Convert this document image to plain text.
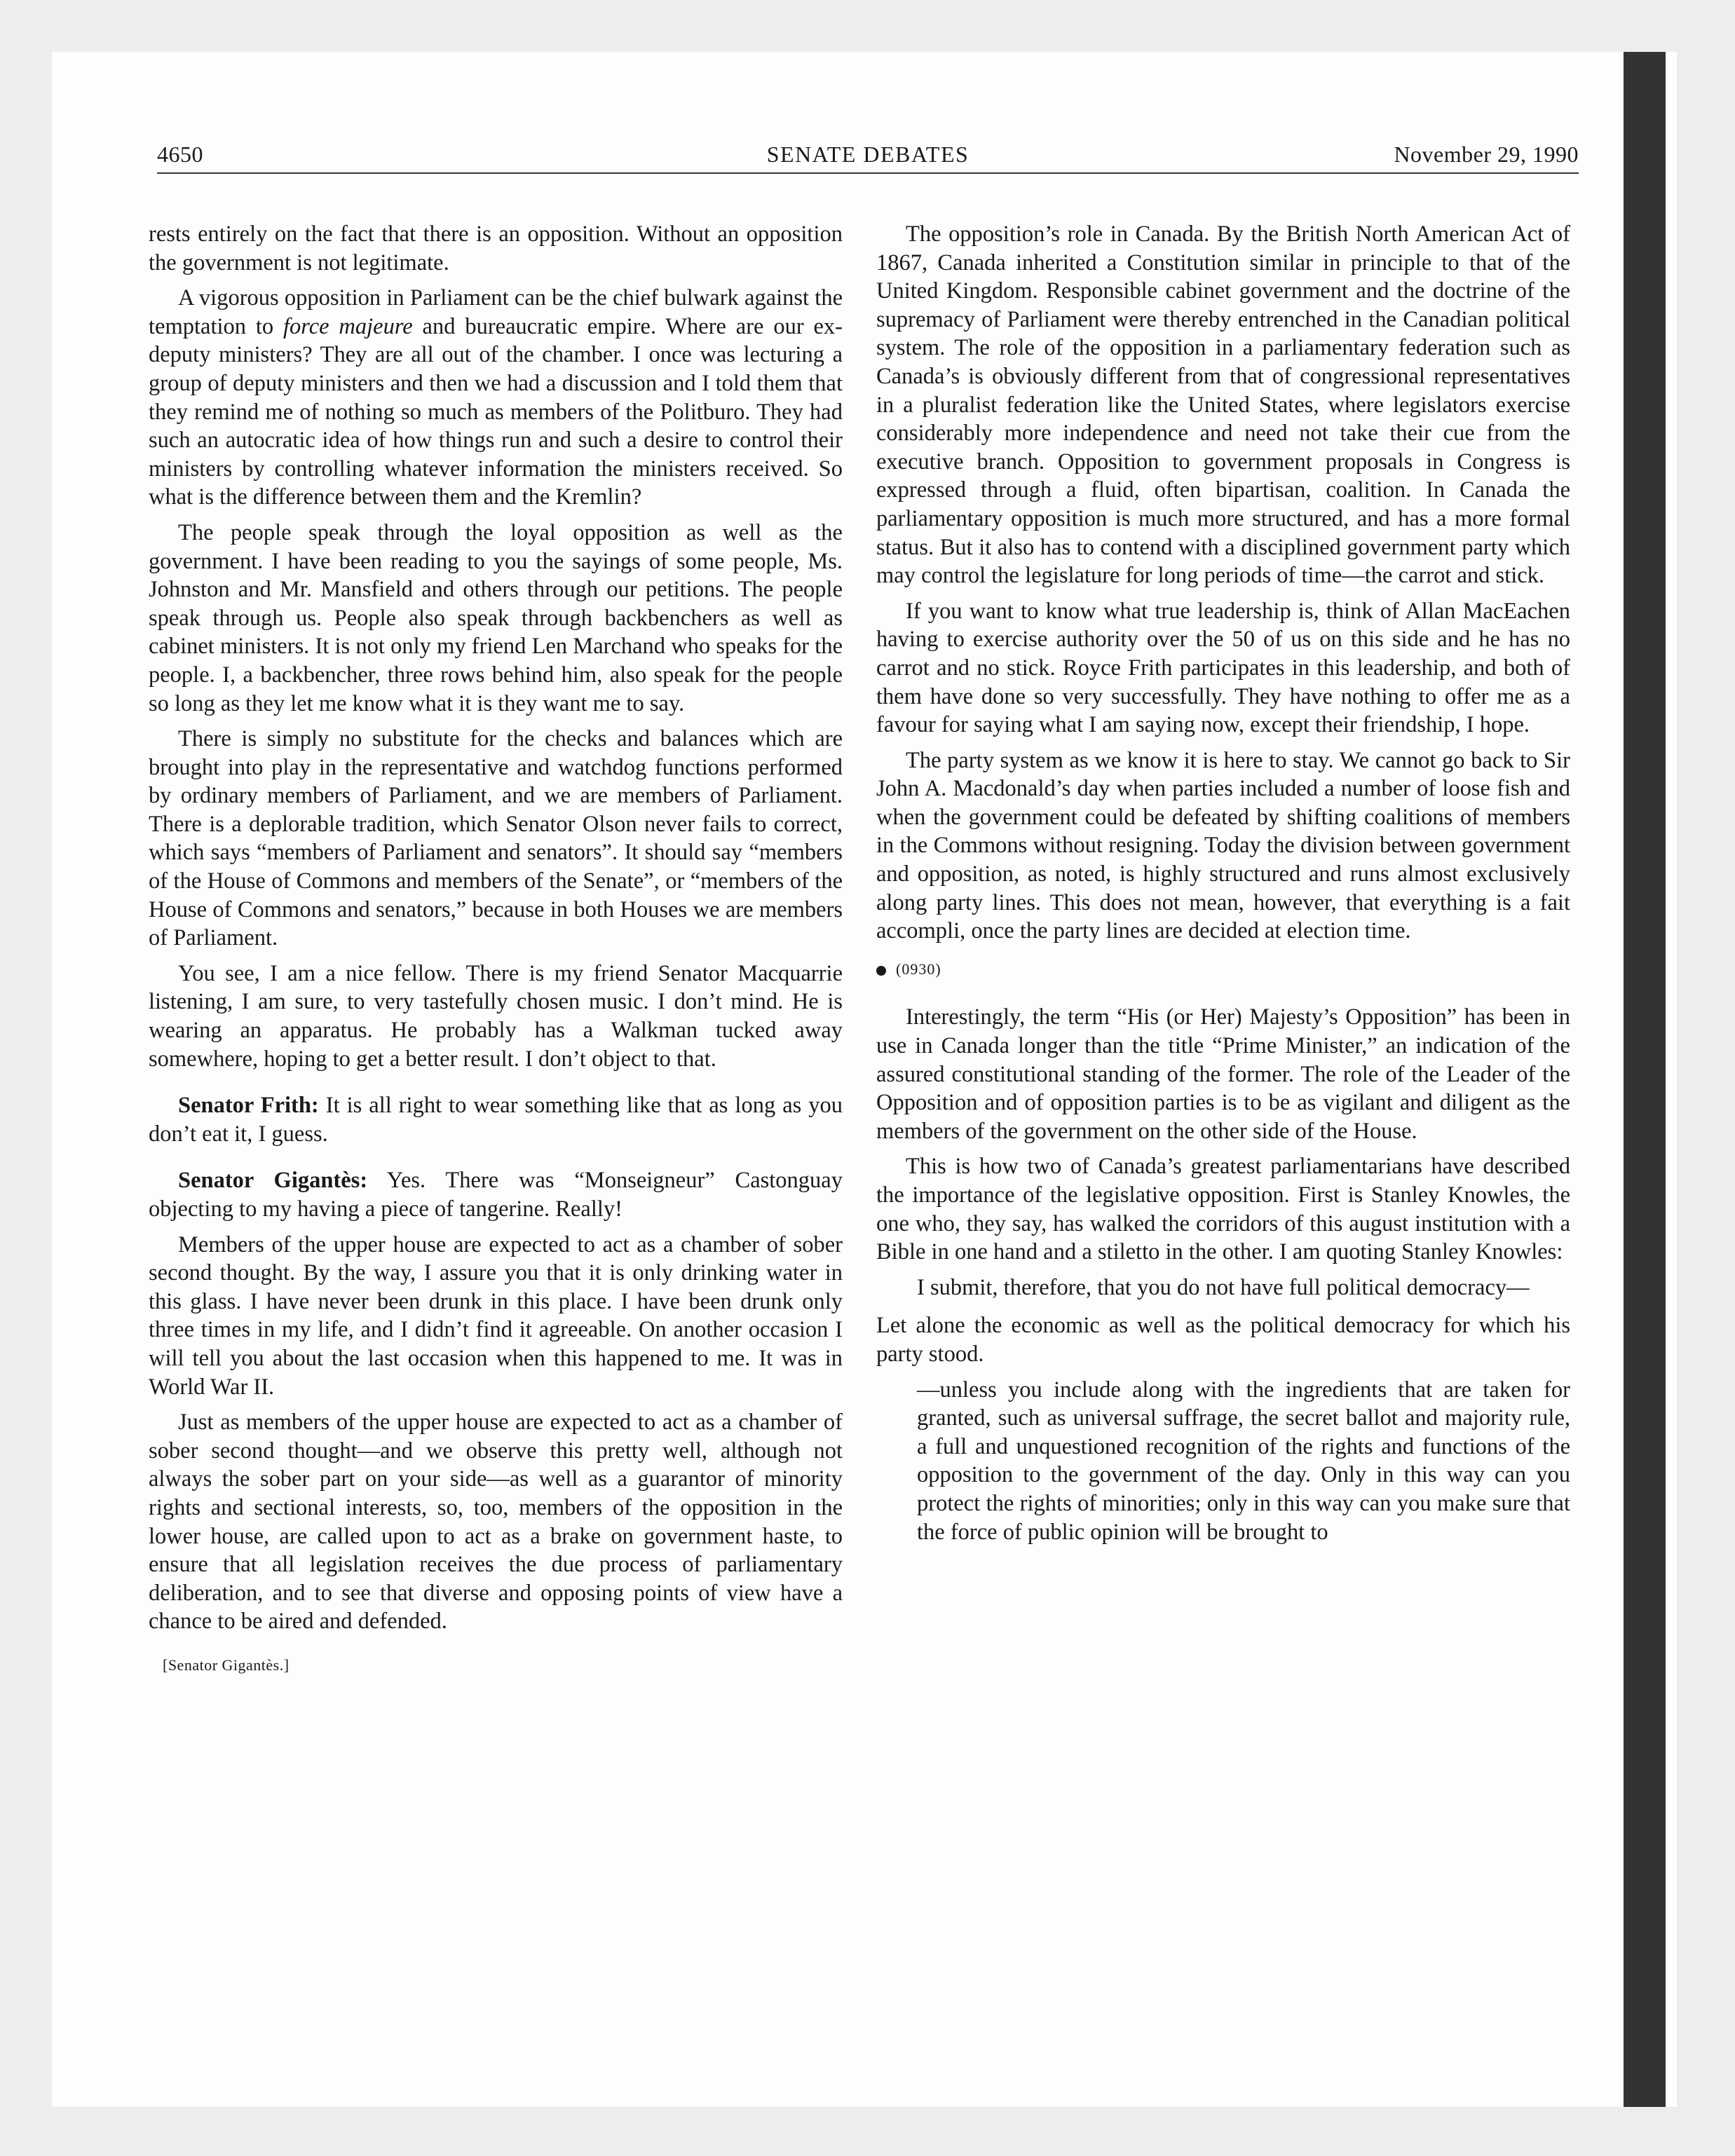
4650	SENATE DEBATES	November 29, 1990

rests entirely on the fact that there is an opposition. Without an opposition the government is not legitimate.

A vigorous opposition in Parliament can be the chief bulwark against the temptation to force majeure and bureaucratic empire. Where are our ex-deputy ministers? They are all out of the chamber. I once was lecturing a group of deputy ministers and then we had a discussion and I told them that they remind me of nothing so much as members of the Politburo. They had such an autocratic idea of how things run and such a desire to control their ministers by controlling whatever information the ministers received. So what is the difference between them and the Kremlin?

The people speak through the loyal opposition as well as the government. I have been reading to you the sayings of some people, Ms. Johnston and Mr. Mansfield and others through our petitions. The people speak through us. People also speak through backbenchers as well as cabinet ministers. It is not only my friend Len Marchand who speaks for the people. I, a backbencher, three rows behind him, also speak for the people so long as they let me know what it is they want me to say.

There is simply no substitute for the checks and balances which are brought into play in the representative and watchdog functions performed by ordinary members of Parliament, and we are members of Parliament. There is a deplorable tradition, which Senator Olson never fails to correct, which says “members of Parliament and senators”. It should say “members of the House of Commons and members of the Senate”, or “members of the House of Commons and senators,” because in both Houses we are members of Parliament.

You see, I am a nice fellow. There is my friend Senator Macquarrie listening, I am sure, to very tastefully chosen music. I don’t mind. He is wearing an apparatus. He probably has a Walkman tucked away somewhere, hoping to get a better result. I don’t object to that.

Senator Frith: It is all right to wear something like that as long as you don’t eat it, I guess.

Senator Gigantès: Yes. There was “Monseigneur” Castonguay objecting to my having a piece of tangerine. Really!

Members of the upper house are expected to act as a chamber of sober second thought. By the way, I assure you that it is only drinking water in this glass. I have never been drunk in this place. I have been drunk only three times in my life, and I didn’t find it agreeable. On another occasion I will tell you about the last occasion when this happened to me. It was in World War II.

Just as members of the upper house are expected to act as a chamber of sober second thought—and we observe this pretty well, although not always the sober part on your side—as well as a guarantor of minority rights and sectional interests, so, too, members of the opposition in the lower house, are called upon to act as a brake on government haste, to ensure that all legislation receives the due process of parliamentary deliberation, and to see that diverse and opposing points of view have a chance to be aired and defended.

[Senator Gigantès.]

The opposition’s role in Canada. By the British North American Act of 1867, Canada inherited a Constitution similar in principle to that of the United Kingdom. Responsible cabinet government and the doctrine of the supremacy of Parliament were thereby entrenched in the Canadian political system. The role of the opposition in a parliamentary federation such as Canada’s is obviously different from that of congressional representatives in a pluralist federation like the United States, where legislators exercise considerably more independence and need not take their cue from the executive branch. Opposition to government proposals in Congress is expressed through a fluid, often bipartisan, coalition. In Canada the parliamentary opposition is much more structured, and has a more formal status. But it also has to contend with a disciplined government party which may control the legislature for long periods of time—the carrot and stick.

If you want to know what true leadership is, think of Allan MacEachen having to exercise authority over the 50 of us on this side and he has no carrot and no stick. Royce Frith participates in this leadership, and both of them have done so very successfully. They have nothing to offer me as a favour for saying what I am saying now, except their friendship, I hope.

The party system as we know it is here to stay. We cannot go back to Sir John A. Macdonald’s day when parties included a number of loose fish and when the government could be defeated by shifting coalitions of members in the Commons without resigning. Today the division between government and opposition, as noted, is highly structured and runs almost exclusively along party lines. This does not mean, however, that everything is a fait accompli, once the party lines are decided at election time.

(0930)

Interestingly, the term “His (or Her) Majesty’s Opposition” has been in use in Canada longer than the title “Prime Minister,” an indication of the assured constitutional standing of the former. The role of the Leader of the Opposition and of opposition parties is to be as vigilant and diligent as the members of the government on the other side of the House.

This is how two of Canada’s greatest parliamentarians have described the importance of the legislative opposition. First is Stanley Knowles, the one who, they say, has walked the corridors of this august institution with a Bible in one hand and a stiletto in the other. I am quoting Stanley Knowles:

I submit, therefore, that you do not have full political democracy—

Let alone the economic as well as the political democracy for which his party stood.

—unless you include along with the ingredients that are taken for granted, such as universal suffrage, the secret ballot and majority rule, a full and unquestioned recognition of the rights and functions of the opposition to the government of the day. Only in this way can you protect the rights of minorities; only in this way can you make sure that the force of public opinion will be brought to
